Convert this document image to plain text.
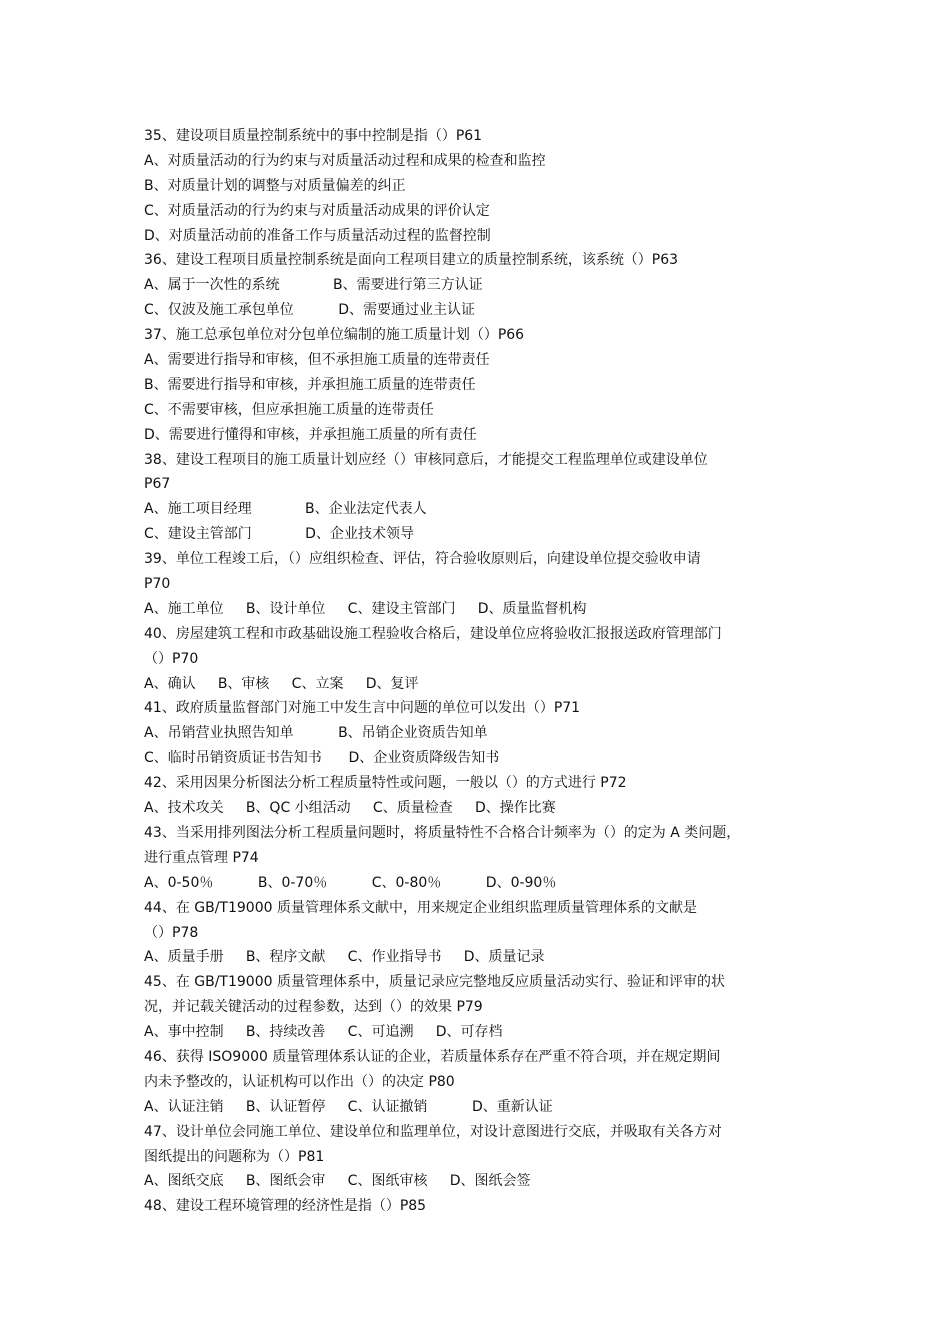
35、建设项目质量控制系统中的事中控制是指（）P61
A、对质量活动的行为约束与对质量活动过程和成果的检查和监控
B、对质量计划的调整与对质量偏差的纠正
C、对质量活动的行为约束与对质量活动成果的评价认定
D、对质量活动前的准备工作与质量活动过程的监督控制
36、建设工程项目质量控制系统是面向工程项目建立的质量控制系统，该系统（）P63
A、属于一次性的系统            B、需要进行第三方认证
C、仅波及施工承包单位          D、需要通过业主认证
37、施工总承包单位对分包单位编制的施工质量计划（）P66
A、需要进行指导和审核，但不承担施工质量的连带责任
B、需要进行指导和审核，并承担施工质量的连带责任
C、不需要审核，但应承担施工质量的连带责任
D、需要进行懂得和审核，并承担施工质量的所有责任
38、建设工程项目的施工质量计划应经（）审核同意后，才能提交工程监理单位或建设单位
P67
A、施工项目经理            B、企业法定代表人
C、建设主管部门            D、企业技术领导
39、单位工程竣工后，（）应组织检查、评估，符合验收原则后，向建设单位提交验收申请
P70
A、施工单位     B、设计单位     C、建设主管部门     D、质量监督机构
40、房屋建筑工程和市政基础设施工程验收合格后，建设单位应将验收汇报报送政府管理部门
（）P70
A、确认     B、审核     C、立案     D、复评
41、政府质量监督部门对施工中发生言中问题的单位可以发出（）P71
A、吊销营业执照告知单          B、吊销企业资质告知单
C、临时吊销资质证书告知书      D、企业资质降级告知书
42、采用因果分析图法分析工程质量特性或问题，一般以（）的方式进行 P72
A、技术攻关     B、QC 小组活动     C、质量检查     D、操作比赛
43、当采用排列图法分析工程质量问题时，将质量特性不合格合计频率为（）的定为 A 类问题，
进行重点管理 P74
A、0-50％          B、0-70％          C、0-80％          D、0-90％
44、在 GB/T19000 质量管理体系文献中，用来规定企业组织监理质量管理体系的文献是
（）P78
A、质量手册     B、程序文献     C、作业指导书     D、质量记录
45、在 GB/T19000 质量管理体系中，质量记录应完整地反应质量活动实行、验证和评审的状
况，并记载关键活动的过程参数，达到（）的效果 P79
A、事中控制     B、持续改善     C、可追溯     D、可存档
46、获得 ISO9000 质量管理体系认证的企业，若质量体系存在严重不符合项，并在规定期间
内未予整改的，认证机构可以作出（）的决定 P80
A、认证注销     B、认证暂停     C、认证撤销          D、重新认证
47、设计单位会同施工单位、建设单位和监理单位，对设计意图进行交底，并吸取有关各方对
图纸提出的问题称为（）P81
A、图纸交底     B、图纸会审     C、图纸审核     D、图纸会签
48、建设工程环境管理的经济性是指（）P85
